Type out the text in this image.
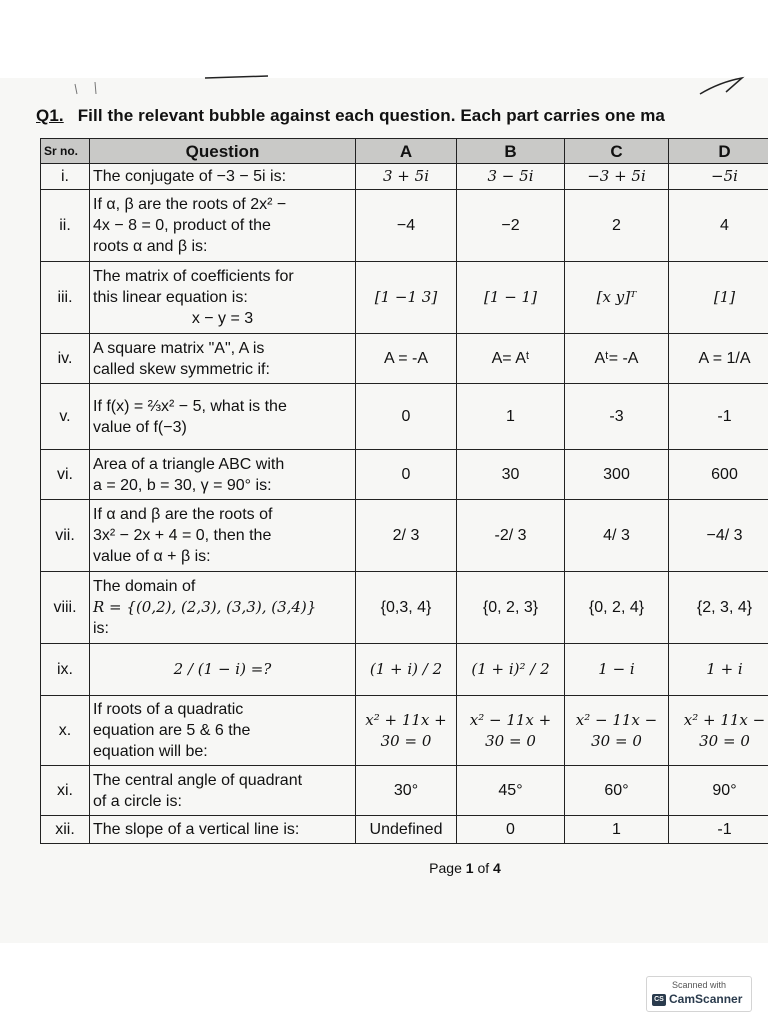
Q1. Fill the relevant bubble against each question. Each part carries one ma
Sr no.	Question	A	B	C	D
i.	The conjugate of −3 − 5i is:	3 + 5i	3 − 5i	−3 + 5i	−5i
ii.	If α, β are the roots of 2x² −
4x − 8 = 0, product of the
roots α and β is:	−4	−2	2	4
iii.	The matrix of coefficients for
this linear equation is:

x − y = 3	[1 −1 3]	[1 − 1]	[x y]ᵀ	[1]
iv.	A square matrix "A", A is
called skew symmetric if:	A = -A	A= Aᵗ	Aᵗ= -A	A = 1/A
v.	If f(x) = ⅔x² − 5, what is the
value of f(−3)	0	1	-3	-1
vi.	Area of a triangle ABC with
a = 20, b = 30, γ = 90° is:	0	30	300	600
vii.	If α and β are the roots of
3x² − 2x + 4 = 0, then the
value of α + β is:	2/ 3	-2/ 3	4/ 3	−4/ 3
viii.	The domain of
R = {(0,2), (2,3), (3,3), (3,4)}
is:	{0,3, 4}	{0, 2, 3}	{0, 2, 4}	{2, 3, 4}
ix.	2 / (1 − i) =?	(1 + i) / 2	(1 + i)² / 2	1 − i	1 + i
x.	If roots of a quadratic
equation are 5 & 6 the
equation will be:	x² + 11x + 30 = 0	x² − 11x + 30 = 0	x² − 11x − 30 = 0	x² + 11x − 30 = 0
xi.	The central angle of quadrant
of a circle is:	30°	45°	60°	90°
xii.	The slope of a vertical line is:	Undefined	0	1	-1
Page 1 of 4
Scanned with
CS CamScanner
